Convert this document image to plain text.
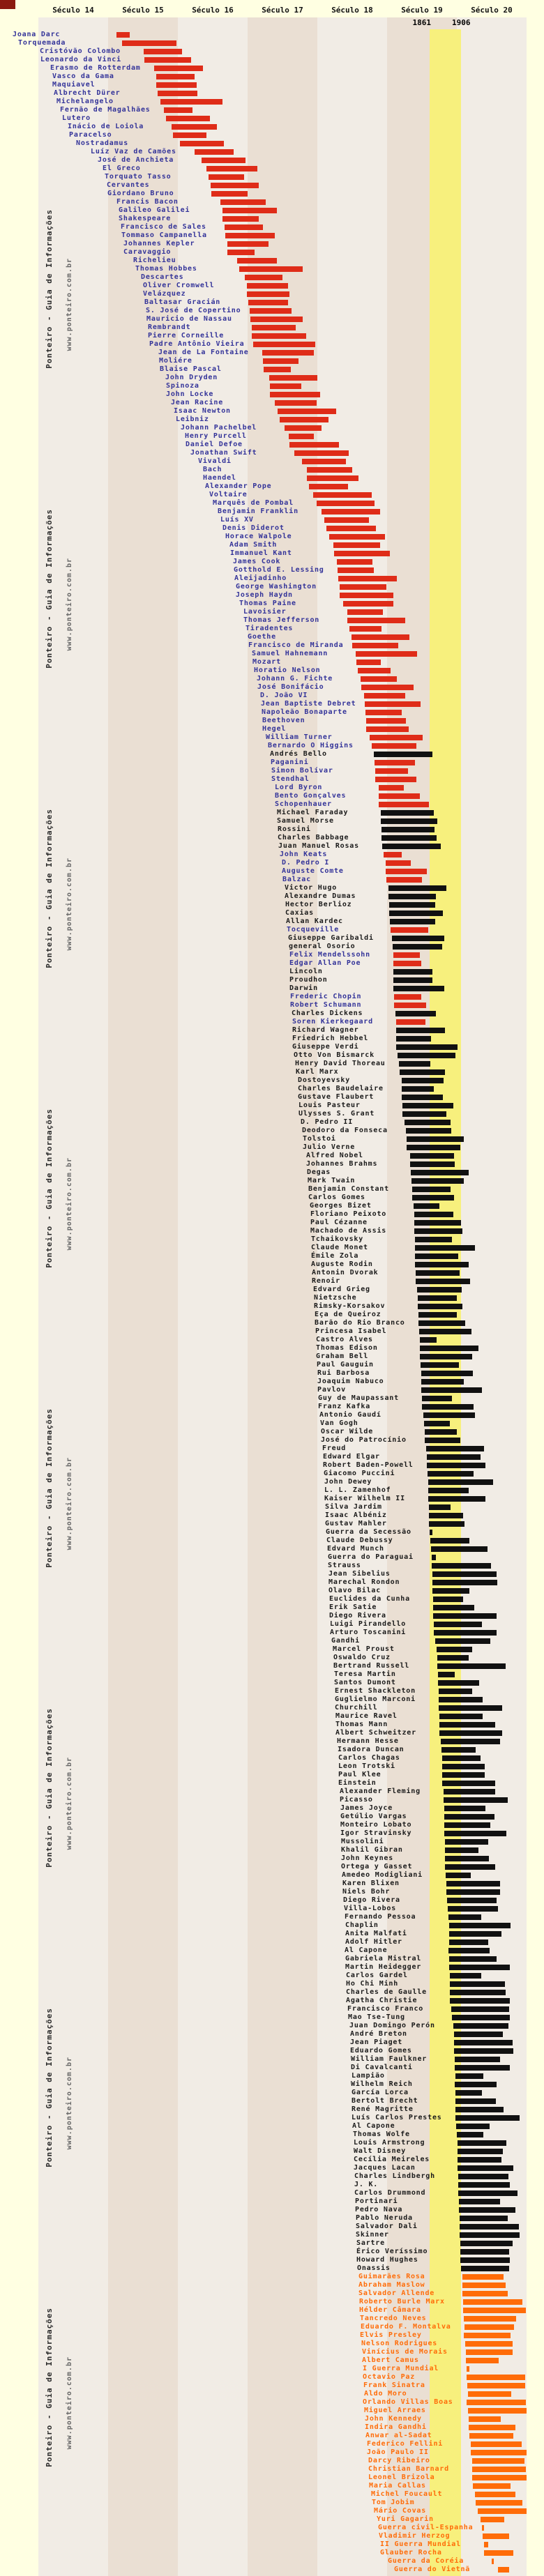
Século 14	Século 15	Século 16	Século 17	Século 18	Século 19	Século 20
Joana Darc
Torquemada
Cristóvão Colombo
Leonardo da Vinci
Erasmo de Rotterdam
Vasco da Gama
Maquiavel
Albrecht Dürer
Michelangelo
Fernão de Magalhães
Lutero
Inácio de Loiola
Paracelso
Nostradamus
Luíz Vaz de Camões
José de Anchieta
El Greco
Torquato Tasso
Cervantes
Giordano Bruno
Francis Bacon
Galileo Galilei
Shakespeare
Francisco de Sales
Tommaso Campanella
Johannes Kepler
Caravaggio
Richelieu
Thomas Hobbes
Descartes
Oliver Cromwell
Velázquez
Baltasar Gracián
S. José de Copertino
Mauricio de Nassau
Rembrandt
Pierre Corneille
Padre Antônio Vieira
Jean de La Fontaine
Moliére
Blaise Pascal
John Dryden
Spinoza
John Locke
Jean Racine
Isaac Newton
Leibniz
Johann Pachelbel
Henry Purcell
Daniel Defoe
Jonathan Swift
Vivaldi
Bach
Haendel
Alexander Pope
Voltaire
Marquês de Pombal
Benjamin Franklin
Luís XV
Denis Diderot
Horace Walpole
Adam Smith
Immanuel Kant
James Cook
Gotthold E. Lessing
Aleijadinho
George Washington
Joseph Haydn
Thomas Paine
Lavoisier
Thomas Jefferson
Tiradentes
Goethe
Francisco de Miranda
Samuel Hahnemann
Mozart
Horatio Nelson
Johann G. Fichte
José Bonifácio
D. João VI
Jean Baptiste Debret
Napoleão Bonaparte
Beethoven
Hegel
William Turner
Bernardo O Higgins
Andrés Bello
Paganini
Simon Bolívar
Stendhal
Lord Byron
Bento Gonçalves
Schopenhauer
Michael Faraday
Samuel Morse
Rossini
Charles Babbage
Juan Manuel Rosas
John Keats
D. Pedro I
Auguste Comte
Balzac
Victor Hugo
Alexandre Dumas
Hector Berlioz
Caxias
Allan Kardec
Tocqueville
Giuseppe Garibaldi
general Osorio
Felix Mendelssohn
Edgar Allan Poe
Lincoln
Proudhon
Darwin
Frederic Chopin
Robert Schumann
Charles Dickens
Soren Kierkegaard
Richard Wagner
Friedrich Hebbel
Giuseppe Verdi
Otto Von Bismarck
Henry David Thoreau
Karl Marx
Dostoyevsky
Charles Baudelaire
Gustave Flaubert
Louis Pasteur
Ulysses S. Grant
D. Pedro II
Deodoro da Fonseca
Tolstoi
Julio Verne
Alfred Nobel
Johannes Brahms
Degas
Mark Twain
Benjamin Constant
Carlos Gomes
Georges Bizet
Floriano Peixoto
Paul Cézanne
Machado de Assis
Tchaikovsky
Claude Monet
Émile Zola
Auguste Rodin
Antonin Dvorak
Renoir
Edvard Grieg
Nietzsche
Rimsky-Korsakov
Eça de Queiroz
Barão do Rio Branco
Princesa Isabel
Castro Alves
Thomas Edison
Graham Bell
Paul Gauguin
Rui Barbosa
Joaquim Nabuco
Pavlov
Guy de Maupassant
Franz Kafka
Antonio Gaudí
Van Gogh
Oscar Wilde
José do Patrocínio
Freud
Edward Elgar
Robert Baden-Powell
Giacomo Puccini
John Dewey
L. L. Zamenhof
Kaiser Wilhelm II
Silva Jardim
Isaac Albéniz
Gustav Mahler
Guerra da Secessão
Claude Debussy
Edvard Munch
Guerra do Paraguai
Strauss
Jean Sibelius
Marechal Rondon
Olavo Bilac
Euclides da Cunha
Erik Satie
Diego Rivera
Luigi Pirandello
Arturo Toscanini
Gandhi
Marcel Proust
Oswaldo Cruz
Bertrand Russell
Teresa Martin
Santos Dumont
Ernest Shackleton
Guglielmo Marconi
Churchill
Maurice Ravel
Thomas Mann
Albert Schweitzer
Hermann Hesse
Isadora Duncan
Carlos Chagas
Leon Trotski
Paul Klee
Einstein
Alexander Fleming
Picasso
James Joyce
Getúlio Vargas
Monteiro Lobato
Igor Stravinsky
Mussolini
Khalil Gibran
John Keynes
Ortega y Gasset
Amedeo Modigliani
Karen Blixen
Niels Bohr
Diego Rivera
Villa-Lobos
Fernando Pessoa
Chaplin
Anita Malfati
Adolf Hitler
Al Capone
Gabriela Mistral
Martin Heidegger
Carlos Gardel
Ho Chi Minh
Charles de Gaulle
Agatha Christie
Francisco Franco
Mao Tse-Tung
Juan Domingo Perón
André Breton
Jean Piaget
Eduardo Gomes
William Faulkner
Di Cavalcanti
Lampião
Wilhelm Reich
García Lorca
Bertolt Brecht
René Magritte
Luís Carlos Prestes
Al Capone
Thomas Wolfe
Louis Armstrong
Walt Disney
Cecília Meireles
Jacques Lacan
Charles Lindbergh
J. K.
Carlos Drummond
Portinari
Pedro Nava
Pablo Neruda
Salvador Dali
Skinner
Sartre
Érico Veríssimo
Howard Hughes
Onassis
Guimarães Rosa
Abraham Maslow
Salvador Allende
Roberto Burle Marx
Hélder Câmara
Tancredo Neves
Eduardo F. Montalva
Elvis Presley
Nelson Rodrigues
Vinícius de Morais
Albert Camus
I Guerra Mundial
Octavio Paz
Frank Sinatra
Aldo Moro
Orlando Villas Boas
Miguel Arraes
John Kennedy
Indira Gandhi
Anwar al-Sadat
Federico Fellini
João Paulo II
Darcy Ribeiro
Christian Barnard
Leonel Brizola
Maria Callas
Michel Foucault
Tom Jobim
Mário Covas
Yuri Gagarin
Guerra civil-Espanha
Vladimir Herzog
II Guerra Mundial
Glauber Rocha
Guerra da Coréia
Guerra do Vietnã
1861	1906
Ponteiro - Guia de Informações www.ponteiro.com.br
Ponteiro - Guia de Informações www.ponteiro.com.br
Ponteiro - Guia de Informações www.ponteiro.com.br
Ponteiro - Guia de Informações www.ponteiro.com.br
Ponteiro - Guia de Informações www.ponteiro.com.br
Ponteiro - Guia de Informações www.ponteiro.com.br
Ponteiro - Guia de Informações www.ponteiro.com.br
Ponteiro - Guia de Informações www.ponteiro.com.br
